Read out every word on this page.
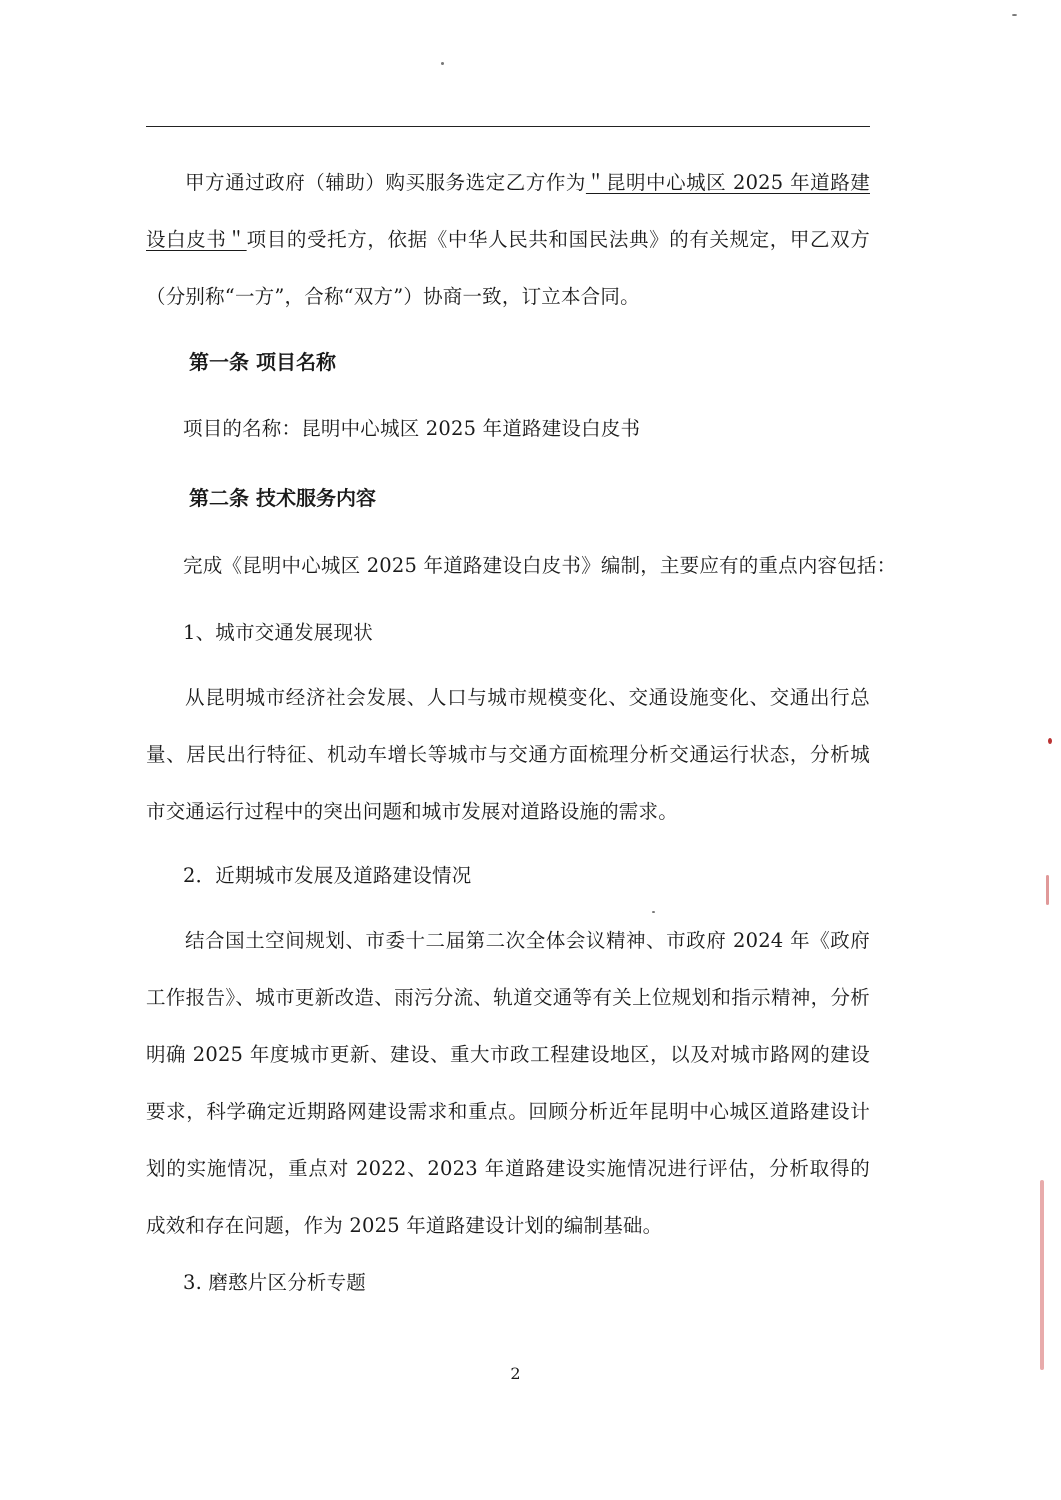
甲方通过政府（辅助）购买服务选定乙方作为＂昆明中心城区 2025 年道路建设白皮书＂项目的受托方，依据《中华人民共和国民法典》的有关规定，甲乙双方（分别称“一方”，合称“双方”）协商一致，订立本合同。

第一条 项目名称

项目的名称：昆明中心城区 2025 年道路建设白皮书

第二条 技术服务内容

完成《昆明中心城区 2025 年道路建设白皮书》编制，主要应有的重点内容包括：

1、城市交通发展现状

从昆明城市经济社会发展、人口与城市规模变化、交通设施变化、交通出行总量、居民出行特征、机动车增长等城市与交通方面梳理分析交通运行状态，分析城市交通运行过程中的突出问题和城市发展对道路设施的需求。

2．近期城市发展及道路建设情况

结合国土空间规划、市委十二届第二次全体会议精神、市政府 2024 年《政府工作报告》、城市更新改造、雨污分流、轨道交通等有关上位规划和指示精神，分析明确 2025 年度城市更新、建设、重大市政工程建设地区，以及对城市路网的建设要求，科学确定近期路网建设需求和重点。回顾分析近年昆明中心城区道路建设计划的实施情况，重点对 2022、2023 年道路建设实施情况进行评估，分析取得的成效和存在问题，作为 2025 年道路建设计划的编制基础。

3. 磨憨片区分析专题

2
